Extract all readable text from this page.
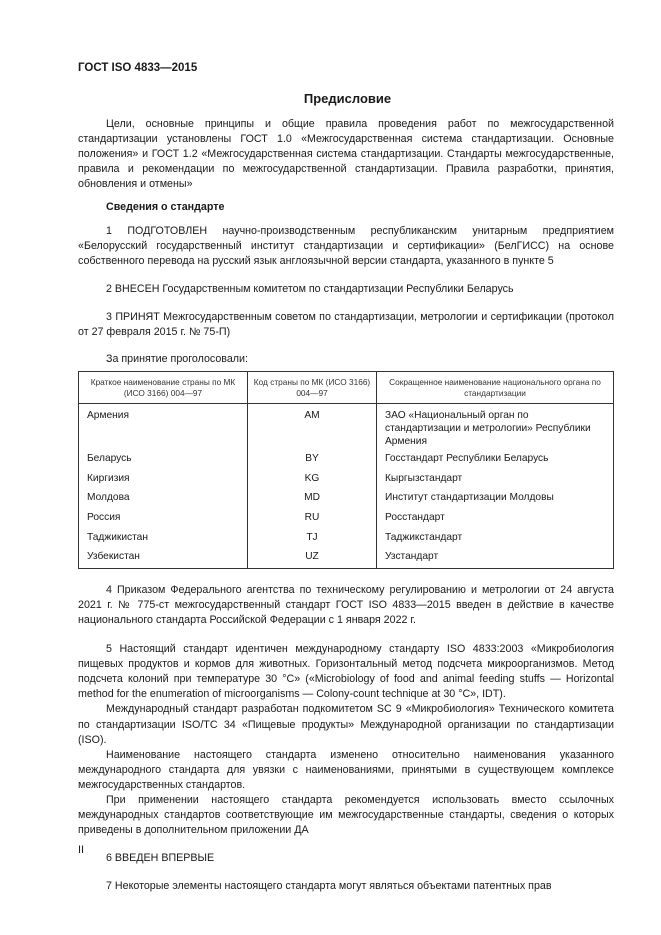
ГОСТ ISO 4833—2015
Предисловие

Цели, основные принципы и общие правила проведения работ по межгосударственной стандартизации установлены ГОСТ 1.0 «Межгосударственная система стандартизации. Основные положения» и ГОСТ 1.2 «Межгосударственная система стандартизации. Стандарты межгосударственные, правила и рекомендации по межгосударственной стандартизации. Правила разработки, принятия, обновления и отмены»

Сведения о стандарте

1 ПОДГОТОВЛЕН научно-производственным республиканским унитарным предприятием «Белорусский государственный институт стандартизации и сертификации» (БелГИСС) на основе собственного перевода на русский язык англоязычной версии стандарта, указанного в пункте 5

2 ВНЕСЕН Государственным комитетом по стандартизации Республики Беларусь

3 ПРИНЯТ Межгосударственным советом по стандартизации, метрологии и сертификации (протокол от 27 февраля 2015 г. № 75-П)

За принятие проголосовали:

Краткое наименование страны по МК (ИСО 3166) 004—97	Код страны по МК (ИСО 3166) 004—97	Сокращенное наименование национального органа по стандартизации
Армения	AM	ЗАО «Национальный орган по стандартизации и метрологии» Республики Армения
Беларусь	BY	Госстандарт Республики Беларусь
Киргизия	KG	Кыргызстандарт
Молдова	MD	Институт стандартизации Молдовы
Россия	RU	Росстандарт
Таджикистан	TJ	Таджикстандарт
Узбекистан	UZ	Узстандарт

4 Приказом Федерального агентства по техническому регулированию и метрологии от 24 августа 2021 г. № 775-ст межгосударственный стандарт ГОСТ ISO 4833—2015 введен в действие в качестве национального стандарта Российской Федерации с 1 января 2022 г.

5 Настоящий стандарт идентичен международному стандарту ISO 4833:2003 «Микробиология пищевых продуктов и кормов для животных. Горизонтальный метод подсчета микроорганизмов. Метод подсчета колоний при температуре 30 °C» («Microbiology of food and animal feeding stuffs — Horizontal method for the enumeration of microorganisms — Colony-count technique at 30 °C», IDT).

Международный стандарт разработан подкомитетом SC 9 «Микробиология» Технического комитета по стандартизации ISO/TC 34 «Пищевые продукты» Международной организации по стандартизации (ISO).

Наименование настоящего стандарта изменено относительно наименования указанного международного стандарта для увязки с наименованиями, принятыми в существующем комплексе межгосударственных стандартов.

При применении настоящего стандарта рекомендуется использовать вместо ссылочных международных стандартов соответствующие им межгосударственные стандарты, сведения о которых приведены в дополнительном приложении ДА

6 ВВЕДЕН ВПЕРВЫЕ

7 Некоторые элементы настоящего стандарта могут являться объектами патентных прав

II
